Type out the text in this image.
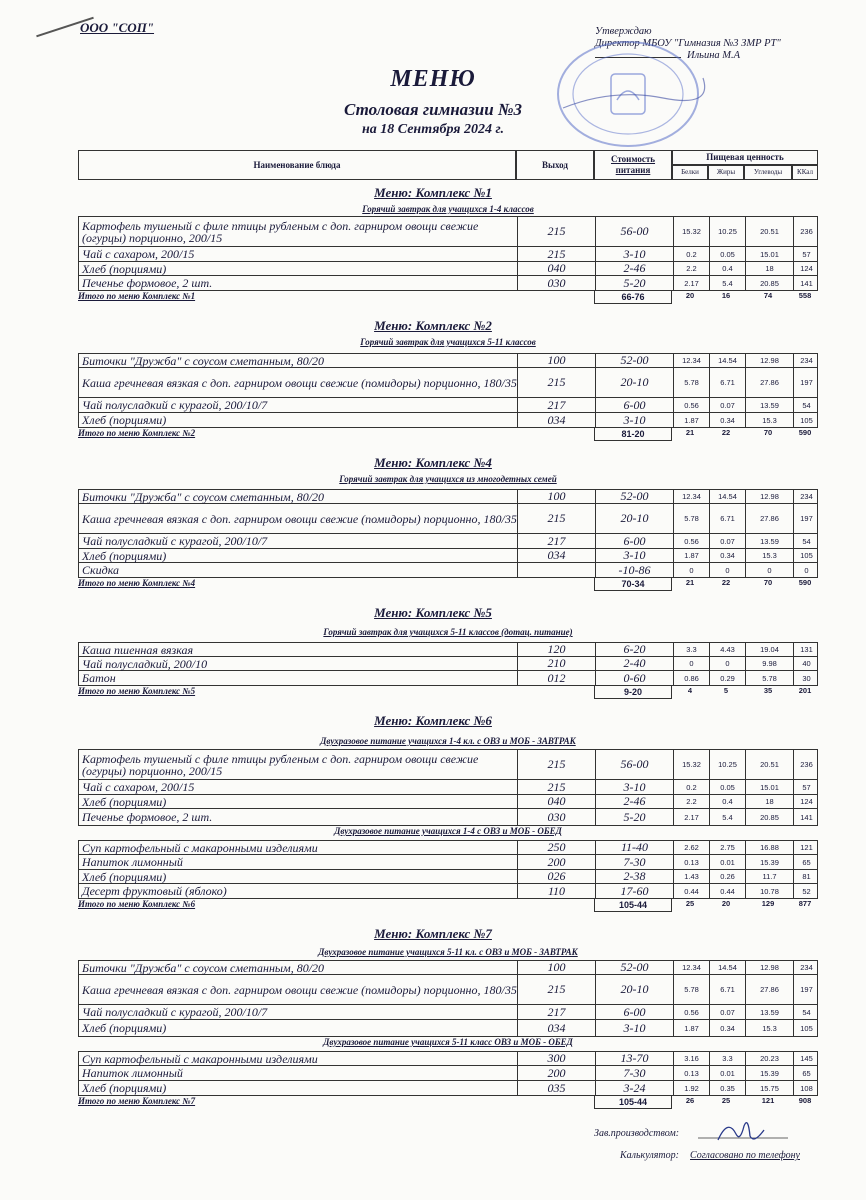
ООО "СОП"	Утверждаю
Директор МБОУ "Гимназия №3 ЗМР РТ"
Ильина М.А
МЕНЮ
Столовая гимназии №3
на 18 Сентября 2024 г.
Наименование блюда	Выход
Стоимость питания
Пищевая ценность
Белки	Жиры	Углеводы	ККал
Меню: Комплекс №1
Горячий завтрак для учащихся 1-4 классов
Картофель тушеный с филе птицы рубленым с доп. гарниром овощи свежие (огурцы) порционно, 200/15	215	56-00	15.32	10.25	20.51	236
Чай с сахаром, 200/15	215	3-10	0.2	0.05	15.01	57
Хлеб (порциями)	040	2-46	2.2	0.4	18	124
Печенье формовое, 2 шт.	030	5-20	2.17	5.4	20.85	141
Итого по меню Комплекс №1	66-76	20	16	74	558
Меню: Комплекс №2
Горячий завтрак для учащихся 5-11 классов
Биточки "Дружба" с соусом сметанным, 80/20	100	52-00	12.34	14.54	12.98	234
Каша гречневая вязкая с доп. гарниром овощи свежие (помидоры) порционно, 180/35	215	20-10	5.78	6.71	27.86	197
Чай полусладкий с курагой, 200/10/7	217	6-00	0.56	0.07	13.59	54
Хлеб (порциями)	034	3-10	1.87	0.34	15.3	105
Итого по меню Комплекс №2	81-20	21	22	70	590
Меню: Комплекс №4
Горячий завтрак для учащихся из многодетных семей
Биточки "Дружба" с соусом сметанным, 80/20	100	52-00	12.34	14.54	12.98	234
Каша гречневая вязкая с доп. гарниром овощи свежие (помидоры) порционно, 180/35	215	20-10	5.78	6.71	27.86	197
Чай полусладкий с курагой, 200/10/7	217	6-00	0.56	0.07	13.59	54
Хлеб (порциями)	034	3-10	1.87	0.34	15.3	105
Скидка	-10-86	0	0	0	0
Итого по меню Комплекс №4	70-34	21	22	70	590
Меню: Комплекс №5
Горячий завтрак для учащихся 5-11 классов (дотац. питание)
Каша пшенная вязкая	120	6-20	3.3	4.43	19.04	131
Чай полусладкий, 200/10	210	2-40	0	0	9.98	40
Батон	012	0-60	0.86	0.29	5.78	30
Итого по меню Комплекс №5	9-20	4	5	35	201
Меню: Комплекс №6
Двухразовое питание учащихся 1-4 кл. с ОВЗ и МОБ - ЗАВТРАК
Картофель тушеный с филе птицы рубленым с доп. гарниром овощи свежие (огурцы) порционно, 200/15	215	56-00	15.32	10.25	20.51	236
Чай с сахаром, 200/15	215	3-10	0.2	0.05	15.01	57
Хлеб (порциями)	040	2-46	2.2	0.4	18	124
Печенье формовое, 2 шт.	030	5-20	2.17	5.4	20.85	141
Двухразовое питание учащихся 1-4 с ОВЗ и МОБ - ОБЕД
Суп картофельный с макаронными изделиями	250	11-40	2.62	2.75	16.88	121
Напиток лимонный	200	7-30	0.13	0.01	15.39	65
Хлеб (порциями)	026	2-38	1.43	0.26	11.7	81
Десерт фруктовый (яблоко)	110	17-60	0.44	0.44	10.78	52
Итого по меню Комплекс №6	105-44	25	20	129	877
Меню: Комплекс №7
Двухразовое питание учащихся 5-11 кл. с ОВЗ и МОБ - ЗАВТРАК
Биточки "Дружба" с соусом сметанным, 80/20	100	52-00	12.34	14.54	12.98	234
Каша гречневая вязкая с доп. гарниром овощи свежие (помидоры) порционно, 180/35	215	20-10	5.78	6.71	27.86	197
Чай полусладкий с курагой, 200/10/7	217	6-00	0.56	0.07	13.59	54
Хлеб (порциями)	034	3-10	1.87	0.34	15.3	105
Двухразовое питание учащихся 5-11 класс ОВЗ и МОБ - ОБЕД
Суп картофельный с макаронными изделиями	300	13-70	3.16	3.3	20.23	145
Напиток лимонный	200	7-30	0.13	0.01	15.39	65
Хлеб (порциями)	035	3-24	1.92	0.35	15.75	108
Итого по меню Комплекс №7	105-44	26	25	121	908
Зав.производством:
Калькулятор: Согласовано по телефону
